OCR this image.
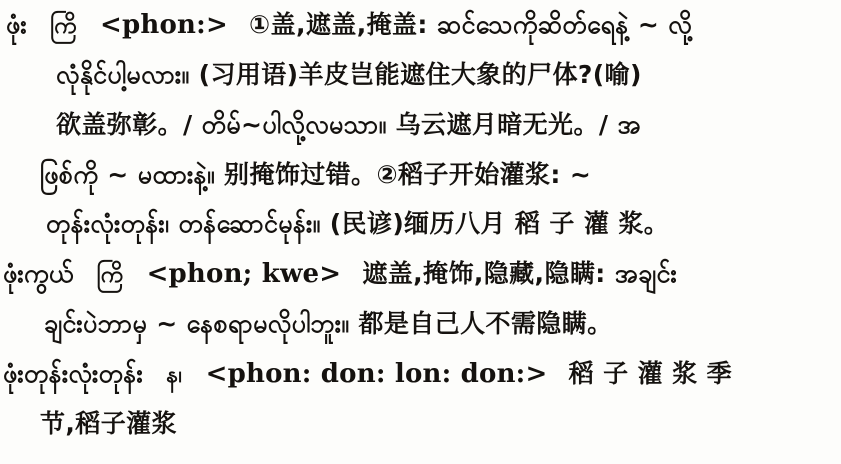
ဖုံး ကြိ <phon:> ①盖,遮盖,掩盖: ဆင်သေကိုဆိတ်ရေနဲ့ ~ လို့
လုံနိုင်ပါ့မလား။ (习用语)羊皮岂能遮住大象的尸体?(喻)
欲盖弥彰。/ တိမ်~ပါလို့လမသာ။ 乌云遮月暗无光。/ အ
ဖြစ်ကို ~ မထားနဲ့။ 别掩饰过错。②稻子开始灌浆: ~
တုန်းလုံးတုန်း၊ တန်ဆောင်မုန်း။ (民谚)缅历八月 稻 子 灌 浆。
ဖုံးကွယ် ကြိ <phon; kwe> 遮盖,掩饰,隐藏,隐瞒: အချင်း
ချင်းပဲဘာမှ ~ နေစရာမလိုပါဘူး။ 都是自己人不需隐瞒。
ဖုံးတုန်းလုံးတုန်း န၊ <phon: don: lon: don:> 稻 子 灌 浆 季
节,稻子灌浆
